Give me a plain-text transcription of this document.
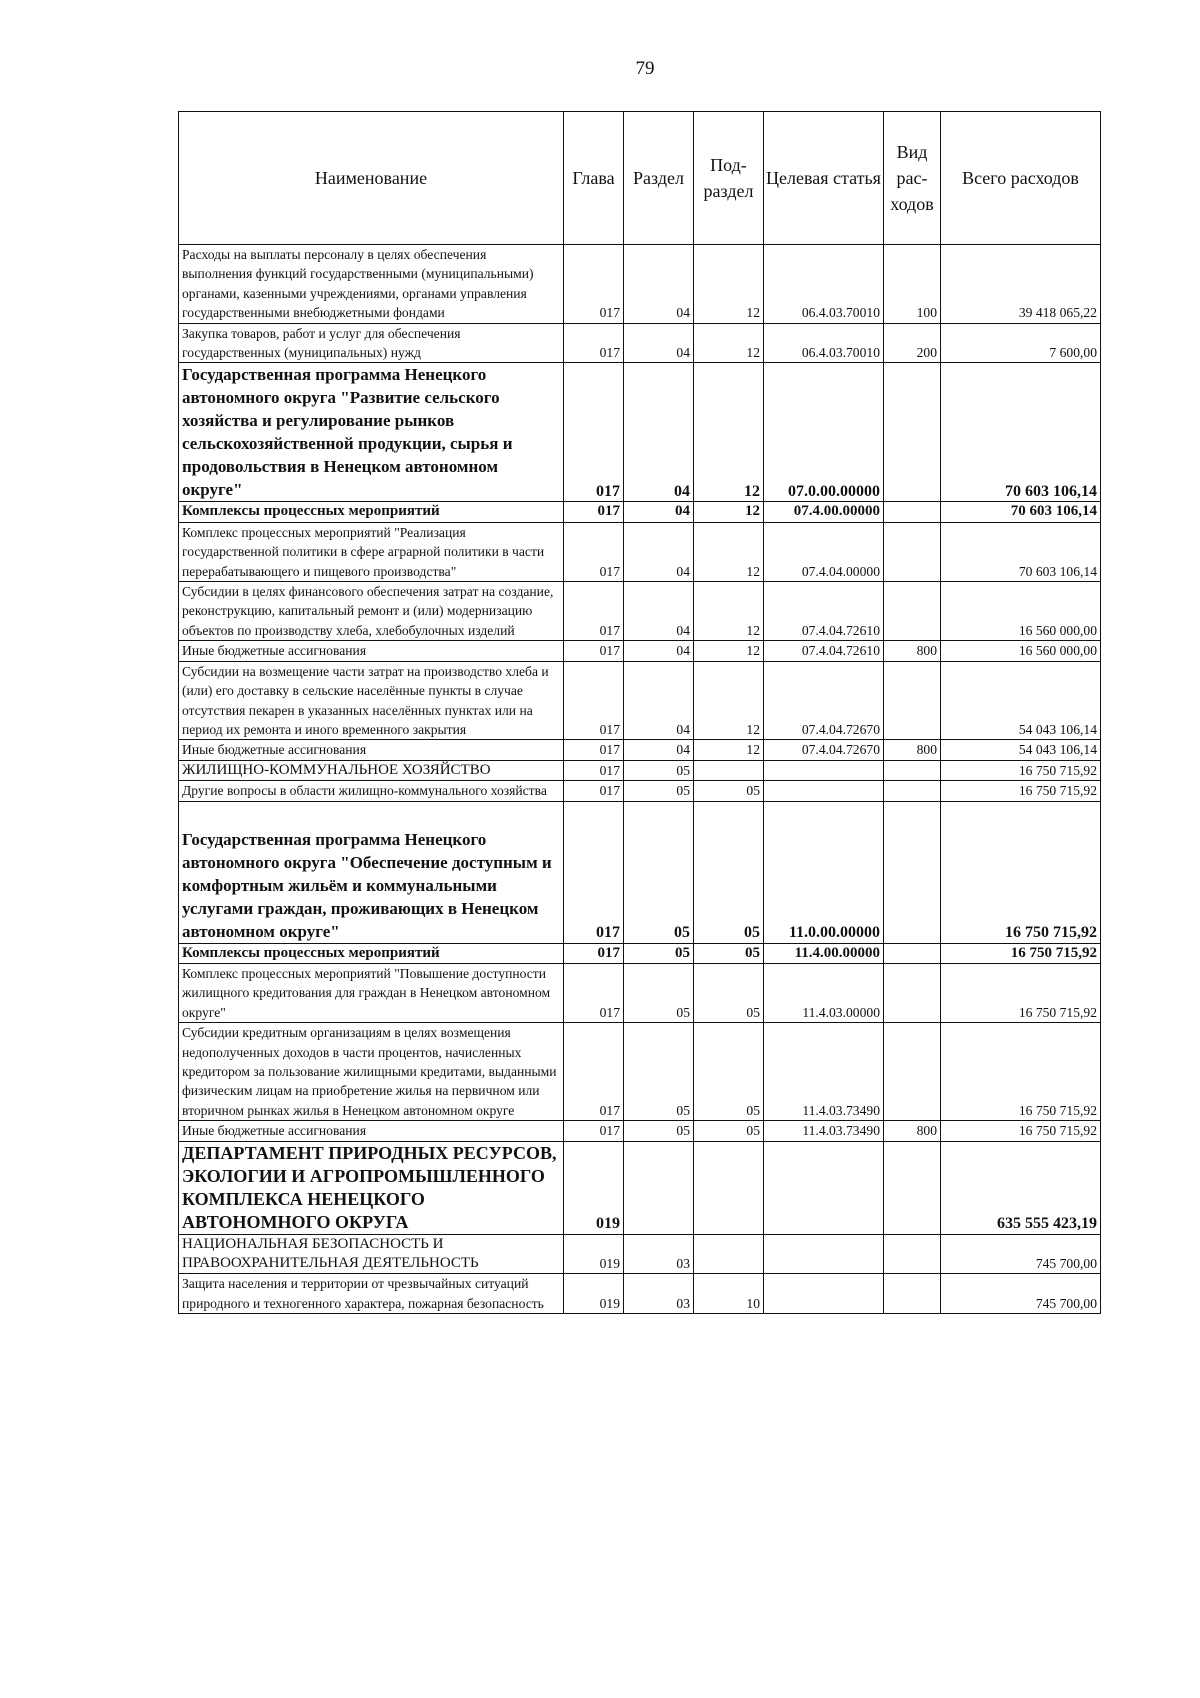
79
Наименование	Глава	Раздел	Под-раздел	Целевая статья	Вид рас-ходов	Всего расходов
Расходы на выплаты персоналу в целях обеспечения выполнения функций государственными (муниципальными) органами, казенными учреждениями, органами управления государственными внебюджетными фондами	017	04	12	06.4.03.70010	100	39 418 065,22
Закупка товаров, работ и услуг для обеспечения государственных (муниципальных) нужд	017	04	12	06.4.03.70010	200	7 600,00
Государственная программа Ненецкого автономного округа "Развитие сельского хозяйства и регулирование рынков сельскохозяйственной продукции, сырья и продовольствия в Ненецком автономном округе"	017	04	12	07.0.00.00000		70 603 106,14
Комплексы процессных мероприятий	017	04	12	07.4.00.00000		70 603 106,14
Комплекс процессных мероприятий "Реализация государственной политики в сфере аграрной политики в части перерабатывающего и пищевого производства"	017	04	12	07.4.04.00000		70 603 106,14
Субсидии в целях финансового обеспечения затрат на создание, реконструкцию, капитальный ремонт и (или) модернизацию объектов по производству хлеба, хлебобулочных изделий	017	04	12	07.4.04.72610		16 560 000,00
Иные бюджетные ассигнования	017	04	12	07.4.04.72610	800	16 560 000,00
Субсидии на возмещение части затрат на производство хлеба и (или) его доставку в сельские населённые пункты в случае отсутствия пекарен в указанных населённых пунктах или на период их ремонта и иного временного закрытия	017	04	12	07.4.04.72670		54 043 106,14
Иные бюджетные ассигнования	017	04	12	07.4.04.72670	800	54 043 106,14
ЖИЛИЩНО-КОММУНАЛЬНОЕ ХОЗЯЙСТВО	017	05				16 750 715,92
Другие вопросы в области жилищно-коммунального хозяйства	017	05	05			16 750 715,92
Государственная программа Ненецкого автономного округа "Обеспечение доступным и комфортным жильём и коммунальными услугами граждан, проживающих в Ненецком автономном округе"	017	05	05	11.0.00.00000		16 750 715,92
Комплексы процессных мероприятий	017	05	05	11.4.00.00000		16 750 715,92
Комплекс процессных мероприятий "Повышение доступности жилищного кредитования для граждан в Ненецком автономном округе"	017	05	05	11.4.03.00000		16 750 715,92
Субсидии кредитным организациям в целях возмещения недополученных доходов в части процентов, начисленных кредитором за пользование жилищными кредитами, выданными физическим лицам на приобретение жилья на первичном или вторичном рынках жилья в Ненецком автономном округе	017	05	05	11.4.03.73490		16 750 715,92
Иные бюджетные ассигнования	017	05	05	11.4.03.73490	800	16 750 715,92
ДЕПАРТАМЕНТ ПРИРОДНЫХ РЕСУРСОВ, ЭКОЛОГИИ И АГРОПРОМЫШЛЕННОГО КОМПЛЕКСА НЕНЕЦКОГО АВТОНОМНОГО ОКРУГА	019					635 555 423,19
НАЦИОНАЛЬНАЯ БЕЗОПАСНОСТЬ И ПРАВООХРАНИТЕЛЬНАЯ ДЕЯТЕЛЬНОСТЬ	019	03				745 700,00
Защита населения и территории от чрезвычайных ситуаций природного и техногенного характера, пожарная безопасность	019	03	10			745 700,00
